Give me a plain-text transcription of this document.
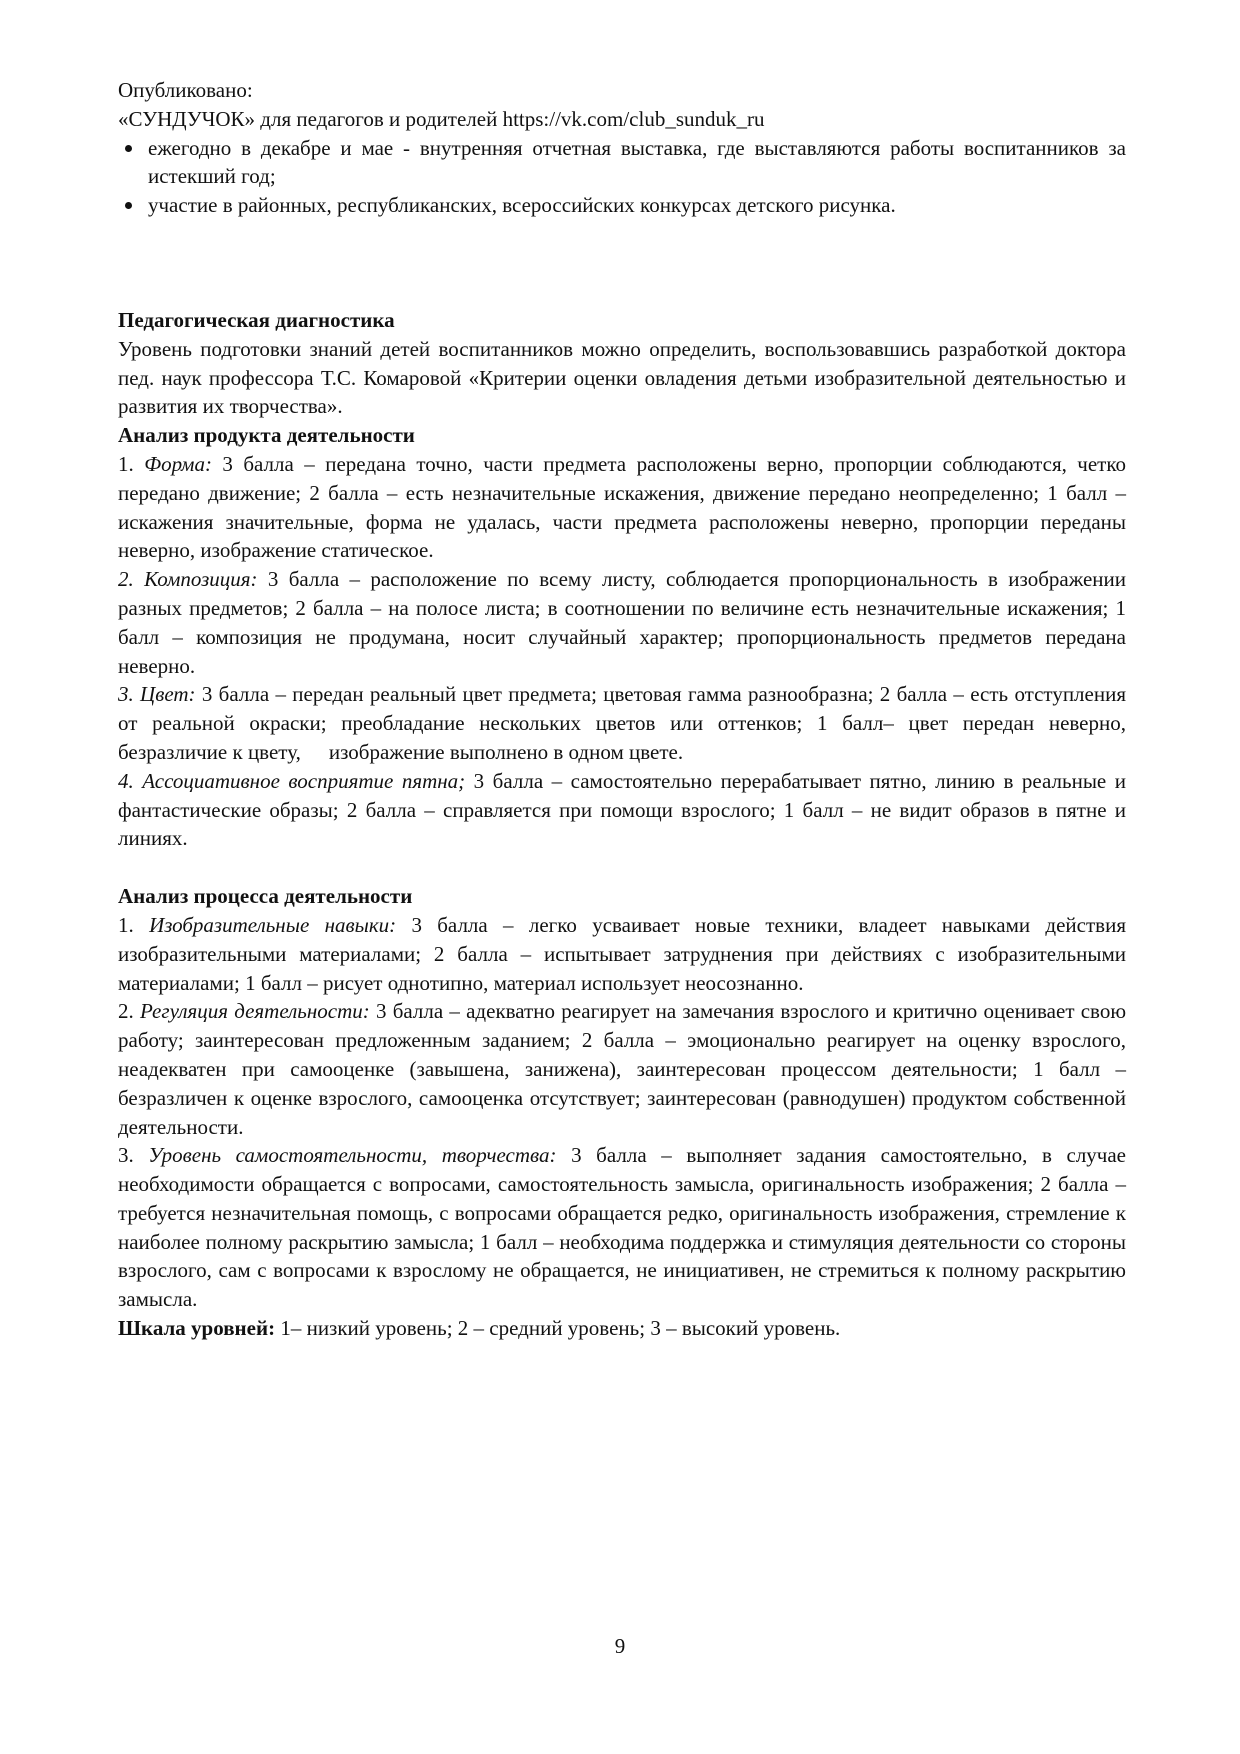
Опубликовано:

«СУНДУЧОК» для педагогов и родителей https://vk.com/club_sunduk_ru

ежегодно в декабре и мае - внутренняя отчетная выставка, где выставляются работы воспитанников за истекший год;
участие в районных, республиканских, всероссийских конкурсах детского рисунка.

Педагогическая диагностика

Уровень подготовки знаний детей воспитанников можно определить, воспользовавшись разработкой доктора пед. наук профессора Т.С. Комаровой «Критерии оценки овладения детьми изобразительной деятельностью и развития их творчества».

Анализ продукта деятельности

1. Форма: 3 балла – передана точно, части предмета расположены верно, пропорции соблюдаются, четко передано движение; 2 балла – есть незначительные искажения, движение передано неопределенно; 1 балл – искажения значительные, форма не удалась, части предмета расположены неверно, пропорции переданы неверно, изображение статическое.

2. Композиция: 3 балла – расположение по всему листу, соблюдается пропорциональность в изображении разных предметов; 2 балла – на полосе листа; в соотношении по величине есть незначительные искажения; 1 балл – композиция не продумана, носит случайный характер; пропорциональность предметов передана неверно.

3. Цвет: 3 балла – передан реальный цвет предмета; цветовая гамма разнообразна; 2 балла – есть отступления от реальной окраски; преобладание нескольких цветов или оттенков; 1 балл– цвет передан неверно, безразличие к цвету, изображение выполнено в одном цвете.

4. Ассоциативное восприятие пятна; 3 балла – самостоятельно перерабатывает пятно, линию в реальные и фантастические образы; 2 балла – справляется при помощи взрослого; 1 балл – не видит образов в пятне и линиях.

Анализ процесса деятельности

1. Изобразительные навыки: 3 балла – легко усваивает новые техники, владеет навыками действия изобразительными материалами; 2 балла – испытывает затруднения при действиях с изобразительными материалами; 1 балл – рисует однотипно, материал использует неосознанно.

2. Регуляция деятельности: 3 балла – адекватно реагирует на замечания взрослого и критично оценивает свою работу; заинтересован предложенным заданием; 2 балла – эмоционально реагирует на оценку взрослого, неадекватен при самооценке (завышена, занижена), заинтересован процессом деятельности; 1 балл – безразличен к оценке взрослого, самооценка отсутствует; заинтересован (равнодушен) продуктом собственной деятельности.

3. Уровень самостоятельности, творчества: 3 балла – выполняет задания самостоятельно, в случае необходимости обращается с вопросами, самостоятельность замысла, оригинальность изображения; 2 балла – требуется незначительная помощь, с вопросами обращается редко, оригинальность изображения, стремление к наиболее полному раскрытию замысла; 1 балл – необходима поддержка и стимуляция деятельности со стороны взрослого, сам с вопросами к взрослому не обращается, не инициативен, не стремиться к полному раскрытию замысла.

Шкала уровней: 1– низкий уровень; 2 – средний уровень; 3 – высокий уровень.

9
